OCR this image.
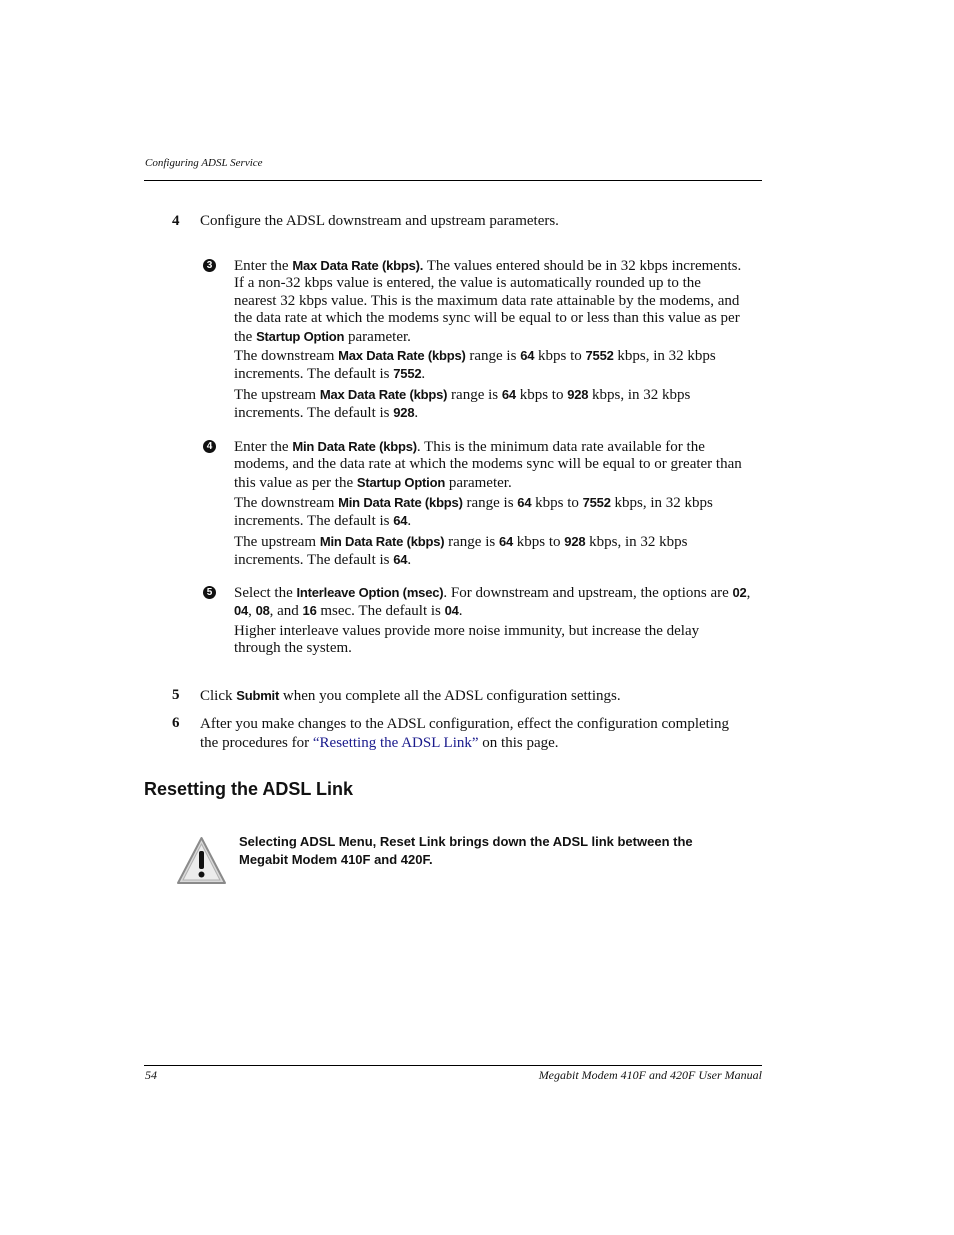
Configuring ADSL Service
4 Configure the ADSL downstream and upstream parameters.
3 Enter the Max Data Rate (kbps). The values entered should be in 32 kbps increments.
If a non-32 kbps value is entered, the value is automatically rounded up to the
nearest 32 kbps value. This is the maximum data rate attainable by the modems, and
the data rate at which the modems sync will be equal to or less than this value as per
the Startup Option parameter.
The downstream Max Data Rate (kbps) range is 64 kbps to 7552 kbps, in 32 kbps
increments. The default is 7552.
The upstream Max Data Rate (kbps) range is 64 kbps to 928 kbps, in 32 kbps
increments. The default is 928.
4 Enter the Min Data Rate (kbps). This is the minimum data rate available for the
modems, and the data rate at which the modems sync will be equal to or greater than
this value as per the Startup Option parameter.
The downstream Min Data Rate (kbps) range is 64 kbps to 7552 kbps, in 32 kbps
increments. The default is 64.
The upstream Min Data Rate (kbps) range is 64 kbps to 928 kbps, in 32 kbps
increments. The default is 64.
5 Select the Interleave Option (msec). For downstream and upstream, the options are 02,
04, 08, and 16 msec. The default is 04.
Higher interleave values provide more noise immunity, but increase the delay
through the system.
5 Click Submit when you complete all the ADSL configuration settings.
6 After you make changes to the ADSL configuration, effect the configuration completing
the procedures for “Resetting the ADSL Link” on this page.
Resetting the ADSL Link
Selecting ADSL Menu, Reset Link brings down the ADSL link between the
Megabit Modem 410F and 420F.
54	Megabit Modem 410F and 420F User Manual
